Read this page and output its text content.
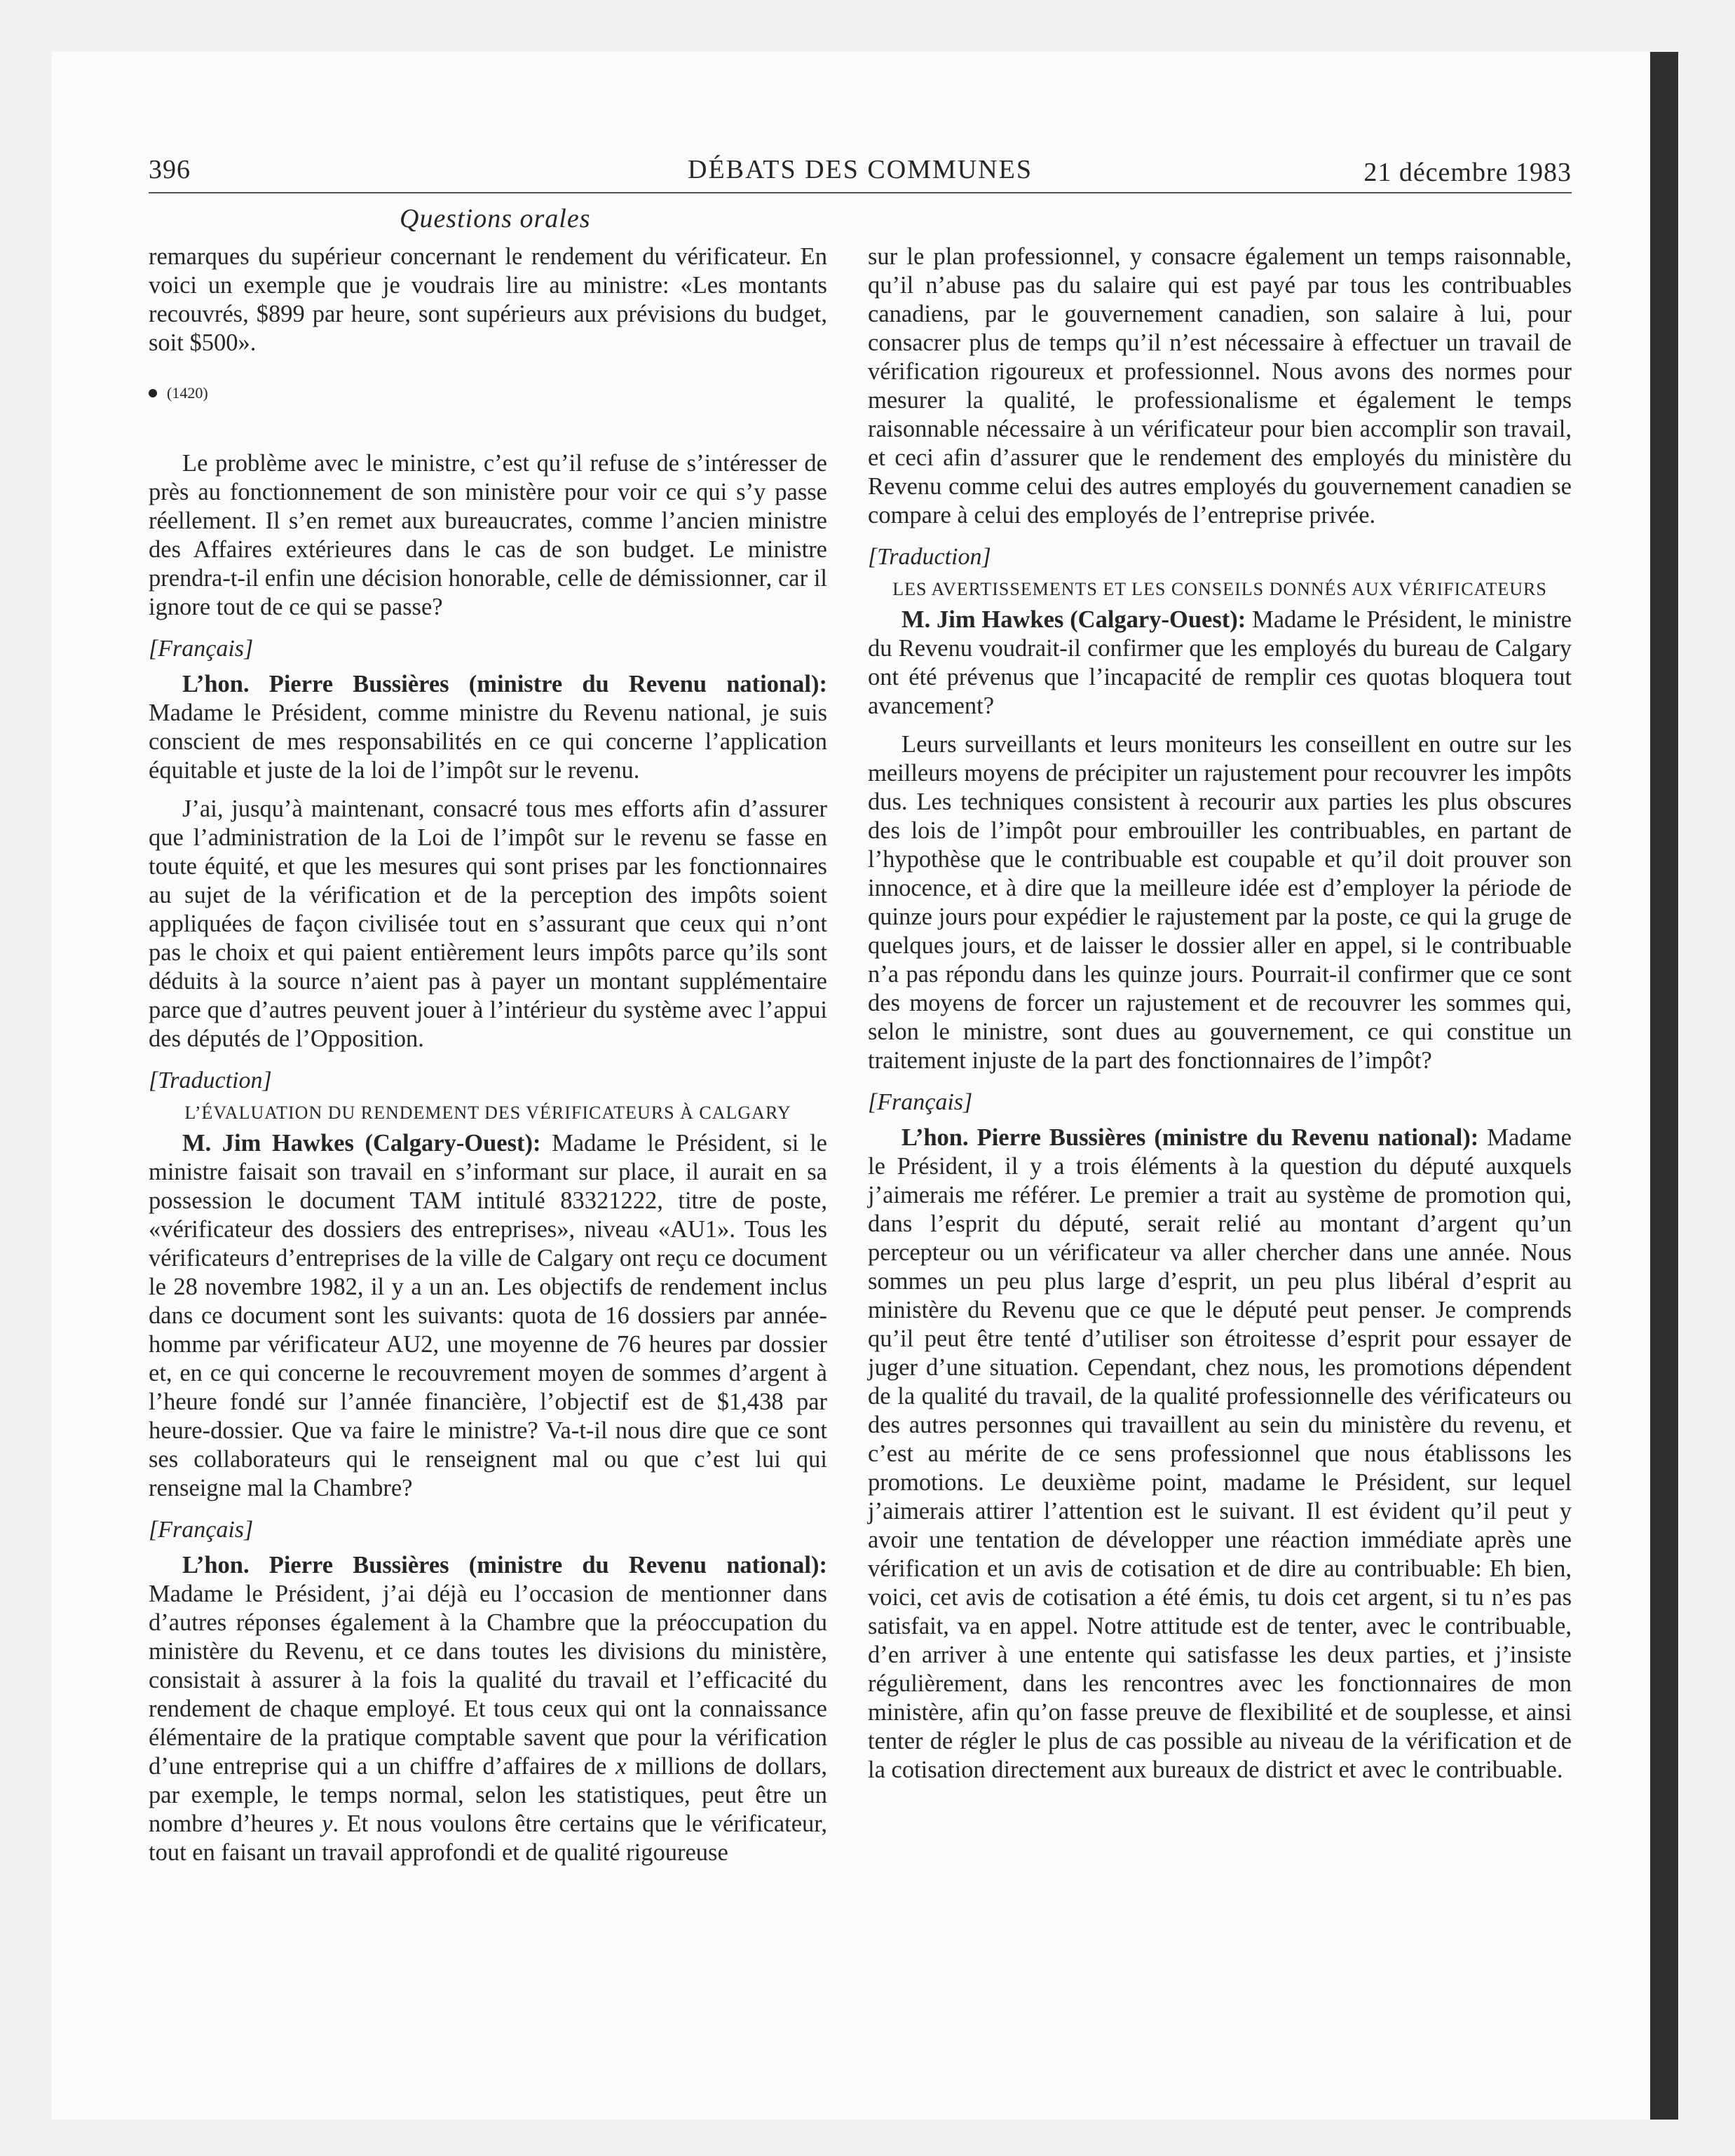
396	DÉBATS DES COMMUNES	21 décembre 1983
Questions orales

remarques du supérieur concernant le rendement du vérificateur. En voici un exemple que je voudrais lire au ministre: «Les montants recouvrés, $899 par heure, sont supérieurs aux prévisions du budget, soit $500».

(1420)

Le problème avec le ministre, c’est qu’il refuse de s’intéresser de près au fonctionnement de son ministère pour voir ce qui s’y passe réellement. Il s’en remet aux bureaucrates, comme l’ancien ministre des Affaires extérieures dans le cas de son budget. Le ministre prendra-t-il enfin une décision honorable, celle de démissionner, car il ignore tout de ce qui se passe?

[Français]

L’hon. Pierre Bussières (ministre du Revenu national): Madame le Président, comme ministre du Revenu national, je suis conscient de mes responsabilités en ce qui concerne l’application équitable et juste de la loi de l’impôt sur le revenu.

J’ai, jusqu’à maintenant, consacré tous mes efforts afin d’assurer que l’administration de la Loi de l’impôt sur le revenu se fasse en toute équité, et que les mesures qui sont prises par les fonctionnaires au sujet de la vérification et de la perception des impôts soient appliquées de façon civilisée tout en s’assurant que ceux qui n’ont pas le choix et qui paient entièrement leurs impôts parce qu’ils sont déduits à la source n’aient pas à payer un montant supplémentaire parce que d’autres peuvent jouer à l’intérieur du système avec l’appui des députés de l’Opposition.

[Traduction]
L’ÉVALUATION DU RENDEMENT DES VÉRIFICATEURS À CALGARY

M. Jim Hawkes (Calgary-Ouest): Madame le Président, si le ministre faisait son travail en s’informant sur place, il aurait en sa possession le document TAM intitulé 83321222, titre de poste, «vérificateur des dossiers des entreprises», niveau «AU1». Tous les vérificateurs d’entreprises de la ville de Calgary ont reçu ce document le 28 novembre 1982, il y a un an. Les objectifs de rendement inclus dans ce document sont les suivants: quota de 16 dossiers par année-homme par vérificateur AU2, une moyenne de 76 heures par dossier et, en ce qui concerne le recouvrement moyen de sommes d’argent à l’heure fondé sur l’année financière, l’objectif est de $1,438 par heure-dossier. Que va faire le ministre? Va-t-il nous dire que ce sont ses collaborateurs qui le renseignent mal ou que c’est lui qui renseigne mal la Chambre?

[Français]

L’hon. Pierre Bussières (ministre du Revenu national): Madame le Président, j’ai déjà eu l’occasion de mentionner dans d’autres réponses également à la Chambre que la préoccupation du ministère du Revenu, et ce dans toutes les divisions du ministère, consistait à assurer à la fois la qualité du travail et l’efficacité du rendement de chaque employé. Et tous ceux qui ont la connaissance élémentaire de la pratique comptable savent que pour la vérification d’une entreprise qui a un chiffre d’affaires de x millions de dollars, par exemple, le temps normal, selon les statistiques, peut être un nombre d’heures y. Et nous voulons être certains que le vérificateur, tout en faisant un travail approfondi et de qualité rigoureuse

sur le plan professionnel, y consacre également un temps raisonnable, qu’il n’abuse pas du salaire qui est payé par tous les contribuables canadiens, par le gouvernement canadien, son salaire à lui, pour consacrer plus de temps qu’il n’est nécessaire à effectuer un travail de vérification rigoureux et professionnel. Nous avons des normes pour mesurer la qualité, le professionalisme et également le temps raisonnable nécessaire à un vérificateur pour bien accomplir son travail, et ceci afin d’assurer que le rendement des employés du ministère du Revenu comme celui des autres employés du gouvernement canadien se compare à celui des employés de l’entreprise privée.

[Traduction]
LES AVERTISSEMENTS ET LES CONSEILS DONNÉS AUX VÉRIFICATEURS

M. Jim Hawkes (Calgary-Ouest): Madame le Président, le ministre du Revenu voudrait-il confirmer que les employés du bureau de Calgary ont été prévenus que l’incapacité de remplir ces quotas bloquera tout avancement?

Leurs surveillants et leurs moniteurs les conseillent en outre sur les meilleurs moyens de précipiter un rajustement pour recouvrer les impôts dus. Les techniques consistent à recourir aux parties les plus obscures des lois de l’impôt pour embrouiller les contribuables, en partant de l’hypothèse que le contribuable est coupable et qu’il doit prouver son innocence, et à dire que la meilleure idée est d’employer la période de quinze jours pour expédier le rajustement par la poste, ce qui la gruge de quelques jours, et de laisser le dossier aller en appel, si le contribuable n’a pas répondu dans les quinze jours. Pourrait-il confirmer que ce sont des moyens de forcer un rajustement et de recouvrer les sommes qui, selon le ministre, sont dues au gouvernement, ce qui constitue un traitement injuste de la part des fonctionnaires de l’impôt?

[Français]

L’hon. Pierre Bussières (ministre du Revenu national): Madame le Président, il y a trois éléments à la question du député auxquels j’aimerais me référer. Le premier a trait au système de promotion qui, dans l’esprit du député, serait relié au montant d’argent qu’un percepteur ou un vérificateur va aller chercher dans une année. Nous sommes un peu plus large d’esprit, un peu plus libéral d’esprit au ministère du Revenu que ce que le député peut penser. Je comprends qu’il peut être tenté d’utiliser son étroitesse d’esprit pour essayer de juger d’une situation. Cependant, chez nous, les promotions dépendent de la qualité du travail, de la qualité professionnelle des vérificateurs ou des autres personnes qui travaillent au sein du ministère du revenu, et c’est au mérite de ce sens professionnel que nous établissons les promotions. Le deuxième point, madame le Président, sur lequel j’aimerais attirer l’attention est le suivant. Il est évident qu’il peut y avoir une tentation de développer une réaction immédiate après une vérification et un avis de cotisation et de dire au contribuable: Eh bien, voici, cet avis de cotisation a été émis, tu dois cet argent, si tu n’es pas satisfait, va en appel. Notre attitude est de tenter, avec le contribuable, d’en arriver à une entente qui satisfasse les deux parties, et j’insiste régulièrement, dans les rencontres avec les fonctionnaires de mon ministère, afin qu’on fasse preuve de flexibilité et de souplesse, et ainsi tenter de régler le plus de cas possible au niveau de la vérification et de la cotisation directement aux bureaux de district et avec le contribuable.
